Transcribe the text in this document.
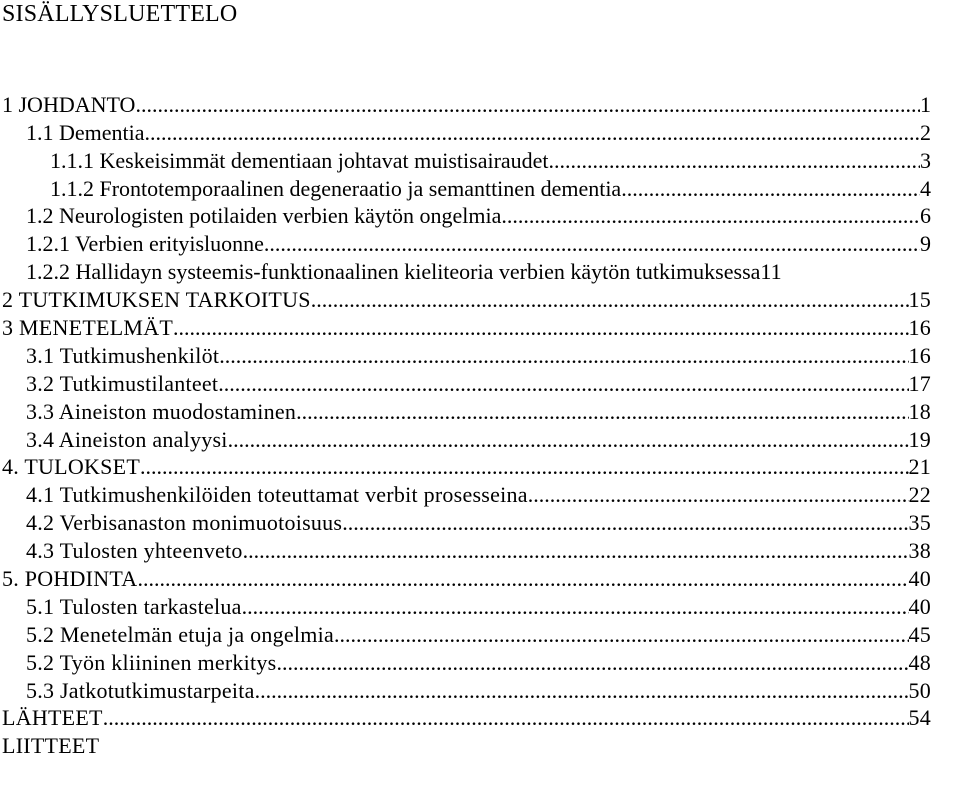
SISÄLLYSLUETTELO
1 JOHDANTO .....	1
1.1 Dementia .....	2
1.1.1 Keskeisimmät dementiaan johtavat muistisairaudet .....	3
1.1.2 Frontotemporaalinen degeneraatio ja semanttinen dementia .....	4
1.2 Neurologisten potilaiden verbien käytön ongelmia .....	6
1.2.1 Verbien erityisluonne .....	9
1.2.2 Hallidayn systeemis-funktionaalinen kieliteoria verbien käytön tutkimuksessa 11
2 TUTKIMUKSEN TARKOITUS .....	15
3 MENETELMÄT .....	16
3.1 Tutkimushenkilöt .....	16
3.2 Tutkimustilanteet .....	17
3.3 Aineiston muodostaminen .....	18
3.4 Aineiston analyysi .....	19
4. TULOKSET .....	21
4.1 Tutkimushenkilöiden toteuttamat verbit prosesseina .....	22
4.2 Verbisanaston monimuotoisuus .....	35
4.3 Tulosten yhteenveto .....	38
5. POHDINTA .....	40
5.1 Tulosten tarkastelua .....	40
5.2 Menetelmän etuja ja ongelmia .....	45
5.2 Työn kliininen merkitys .....	48
5.3 Jatkotutkimustarpeita .....	50
LÄHTEET .....	54
LIITTEET
